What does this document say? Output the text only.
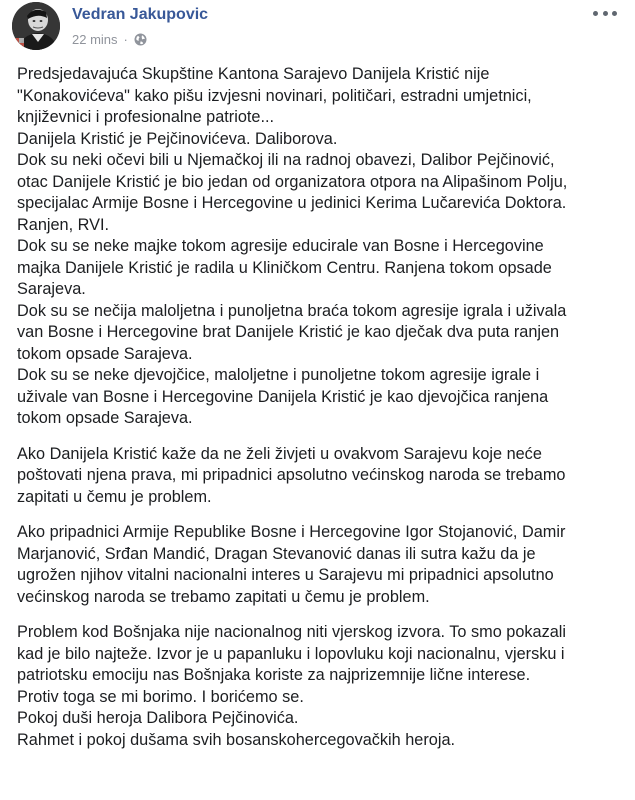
Vedran Jakupovic
22 mins ·
Predsjedavajuća Skupštine Kantona Sarajevo Danijela Kristić nije
"Konakovićeva" kako pišu izvjesni novinari, političari, estradni umjetnici,
književnici i profesionalne patriote...
Danijela Kristić je Pejčinovićeva. Daliborova.
Dok su neki očevi bili u Njemačkoj ili na radnoj obavezi, Dalibor Pejčinović,
otac Danijele Kristić je bio jedan od organizatora otpora na Alipašinom Polju,
specijalac Armije Bosne i Hercegovine u jedinici Kerima Lučarevića Doktora.
Ranjen, RVI.
Dok su se neke majke tokom agresije educirale van Bosne i Hercegovine
majka Danijele Kristić je radila u Kliničkom Centru. Ranjena tokom opsade
Sarajeva.
Dok su se nečija maloljetna i punoljetna braća tokom agresije igrala i uživala
van Bosne i Hercegovine brat Danijele Kristić je kao dječak dva puta ranjen
tokom opsade Sarajeva.
Dok su se neke djevojčice, maloljetne i punoljetne tokom agresije igrale i
uživale van Bosne i Hercegovine Danijela Kristić je kao djevojčica ranjena
tokom opsade Sarajeva.
Ako Danijela Kristić kaže da ne želi živjeti u ovakvom Sarajevu koje neće
poštovati njena prava, mi pripadnici apsolutno većinskog naroda se trebamo
zapitati u čemu je problem.
Ako pripadnici Armije Republike Bosne i Hercegovine Igor Stojanović, Damir
Marjanović, Srđan Mandić, Dragan Stevanović danas ili sutra kažu da je
ugrožen njihov vitalni nacionalni interes u Sarajevu mi pripadnici apsolutno
većinskog naroda se trebamo zapitati u čemu je problem.
Problem kod Bošnjaka nije nacionalnog niti vjerskog izvora. To smo pokazali
kad je bilo najteže. Izvor je u papanluku i lopovluku koji nacionalnu, vjersku i
patriotsku emociju nas Bošnjaka koriste za najprizemnije lične interese.
Protiv toga se mi borimo. I borićemo se.
Pokoj duši heroja Dalibora Pejčinovića.
Rahmet i pokoj dušama svih bosanskohercegovačkih heroja.
